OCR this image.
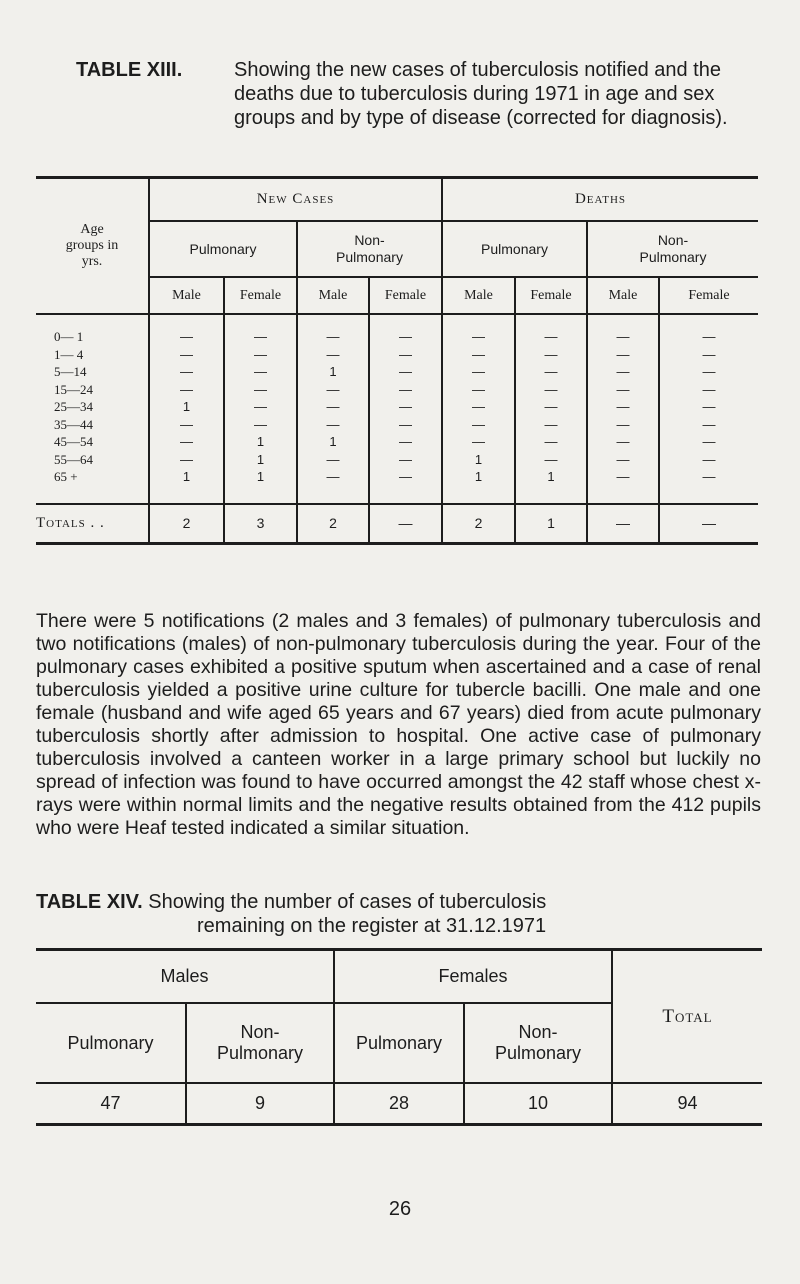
TABLE XIII.	Showing the new cases of tuberculosis notified and the deaths due to tuberculosis during 1971 in age and sex groups and by type of disease (corrected for diagnosis).

Age groups in yrs.	New Cases				Deaths			
	Pulmonary		Non- Pulmonary		Pulmonary		Non- Pulmonary	
	Male	Female	Male	Female	Male	Female	Male	Female

0— 1	—	—	—	—	—	—	—	—
1— 4	—	—	—	—	—	—	—	—
5—14	—	—	1	—	—	—	—	—
15—24	—	—	—	—	—	—	—	—
25—34	1	—	—	—	—	—	—	—
35—44	—	—	—	—	—	—	—	—
45—54	—	1	1	—	—	—	—	—
55—64	—	1	—	—	1	—	—	—
65 +	1	1	—	—	1	1	—	—

Totals . .	2	3	2	—	2	1	—	—
There were 5 notifications (2 males and 3 females) of pulmonary tuberculosis and two notifications (males) of non-pulmonary tuberculosis during the year. Four of the pulmonary cases exhibited a positive sputum when ascertained and a case of renal tuberculosis yielded a positive urine culture for tubercle bacilli. One male and one female (husband and wife aged 65 years and 67 years) died from acute pulmonary tuberculosis shortly after admission to hospital. One active case of pulmonary tuberculosis involved a canteen worker in a large primary school but luckily no spread of infection was found to have occurred amongst the 42 staff whose chest x-rays were within normal limits and the negative results obtained from the 412 pupils who were Heaf tested indicated a similar situation.
TABLE XIV. Showing the number of cases of tuberculosis
remaining on the register at 31.12.1971

Males		Females		Total
Pulmonary	Non- Pulmonary	Pulmonary	Non- Pulmonary	
47	9	28	10	94
26
